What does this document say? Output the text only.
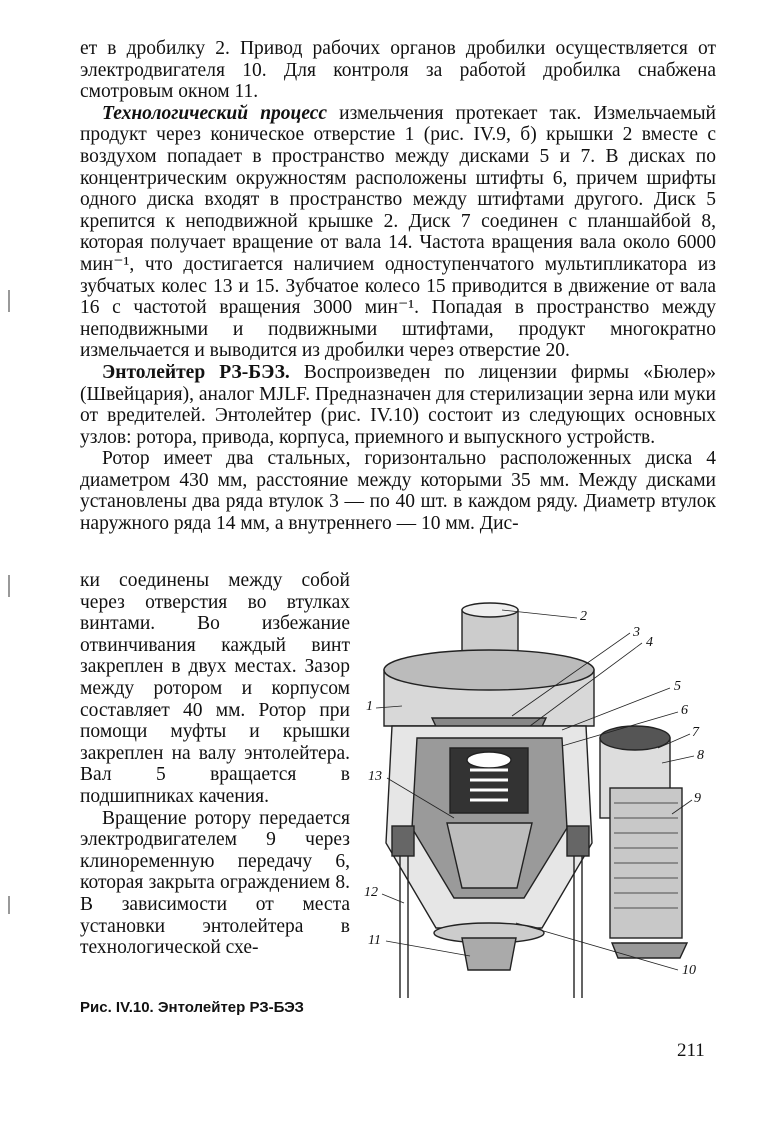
ет в дробилку 2. Привод рабочих органов дробилки осуществляется от электродвигателя 10. Для контроля за работой дробилка снабжена смотровым окном 11.

Технологический процесс измельчения протекает так. Измельчаемый продукт через коническое отверстие 1 (рис. IV.9, б) крышки 2 вместе с воздухом попадает в пространство между дисками 5 и 7. В дисках по концентрическим окружностям расположены штифты 6, причем шрифты одного диска входят в пространство между штифтами другого. Диск 5 крепится к неподвижной крышке 2. Диск 7 соединен с планшайбой 8, которая получает вращение от вала 14. Частота вращения вала около 6000 мин⁻¹, что достигается наличием одноступенчатого мультипликатора из зубчатых колес 13 и 15. Зубчатое колесо 15 приводится в движение от вала 16 с частотой вращения 3000 мин⁻¹. Попадая в пространство между неподвижными и подвижными штифтами, продукт многократно измельчается и выводится из дробилки через отверстие 20.

Энтолейтер РЗ-БЭЗ. Воспроизведен по лицензии фирмы «Бюлер» (Швейцария), аналог MJLF. Предназначен для стерилизации зерна или муки от вредителей. Энтолейтер (рис. IV.10) состоит из следующих основных узлов: ротора, привода, корпуса, приемного и выпускного устройств.

Ротор имеет два стальных, горизонтально расположенных диска 4 диаметром 430 мм, расстояние между которыми 35 мм. Между дисками установлены два ряда втулок 3 — по 40 шт. в каждом ряду. Диаметр втулок наружного ряда 14 мм, а внутреннего — 10 мм. Дис-

ки соединены между собой через отверстия во втулках винтами. Во избежание отвинчивания каждый винт закреплен в двух местах. Зазор между ротором и корпусом составляет 40 мм. Ротор при помощи муфты и крышки закреплен на валу энтолейтера. Вал 5 вращается в подшипниках качения.

Вращение ротору передается электродвигателем 9 через клиноременную передачу 6, которая закрыта ограждением 8. В зависимости от места установки энтолейтера в технологической схе-

1
2
3
4
5
6
7
8
9
10
11
12
13
Рис. IV.10. Энтолейтер РЗ-БЭЗ
211
